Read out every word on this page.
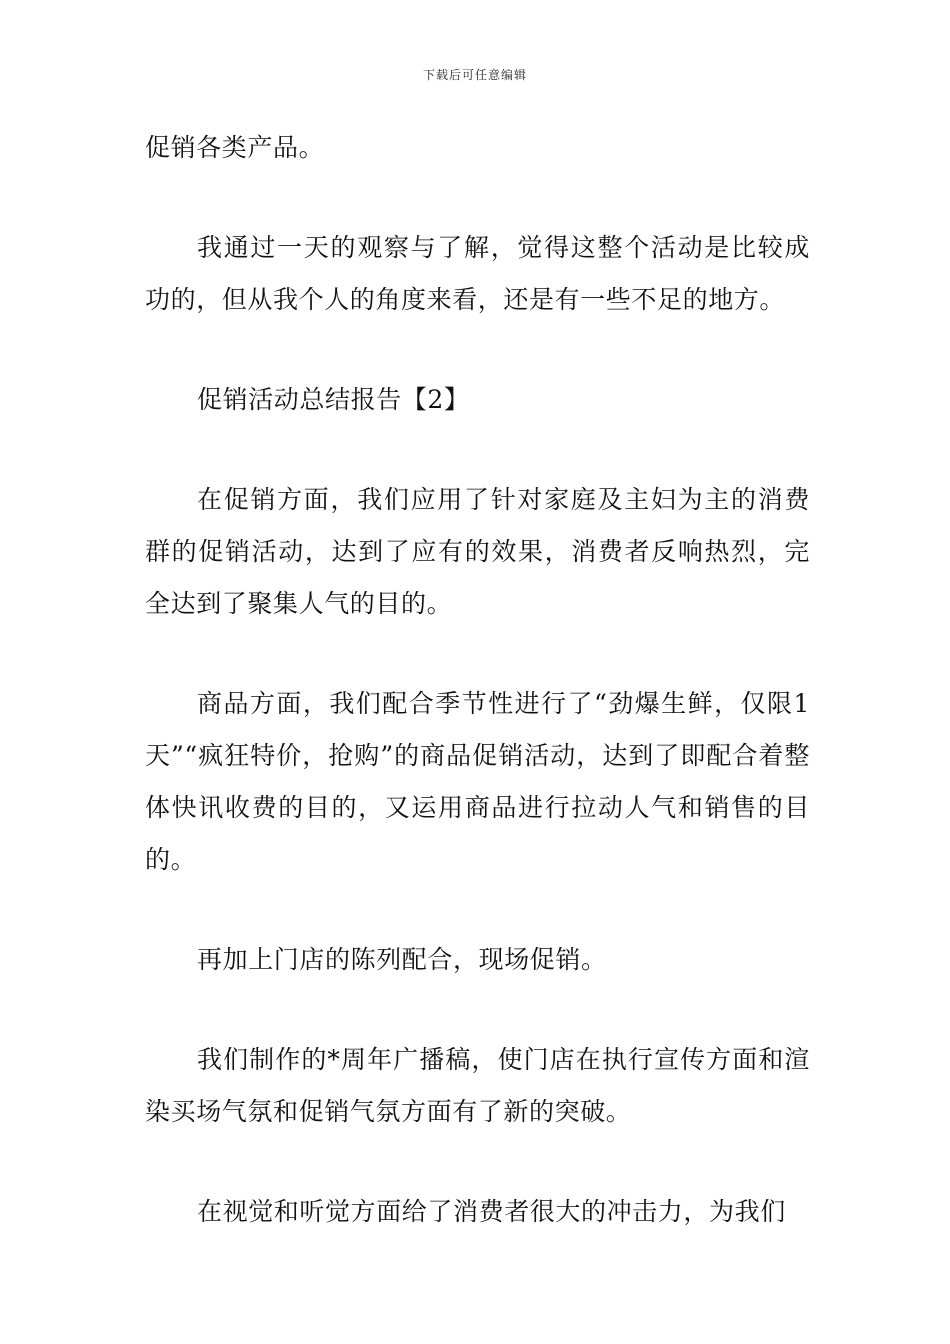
下载后可任意编辑

促销各类产品。

我通过一天的观察与了解，觉得这整个活动是比较成功的，但从我个人的角度来看，还是有一些不足的地方。

促销活动总结报告【2】

在促销方面，我们应用了针对家庭及主妇为主的消费群的促销活动，达到了应有的效果，消费者反响热烈，完全达到了聚集人气的目的。

商品方面，我们配合季节性进行了“劲爆生鲜，仅限1天”“疯狂特价，抢购”的商品促销活动，达到了即配合着整体快讯收费的目的，又运用商品进行拉动人气和销售的目的。

再加上门店的陈列配合，现场促销。

我们制作的*周年广播稿，使门店在执行宣传方面和渲染买场气氛和促销气氛方面有了新的突破。

在视觉和听觉方面给了消费者很大的冲击力，为我们
